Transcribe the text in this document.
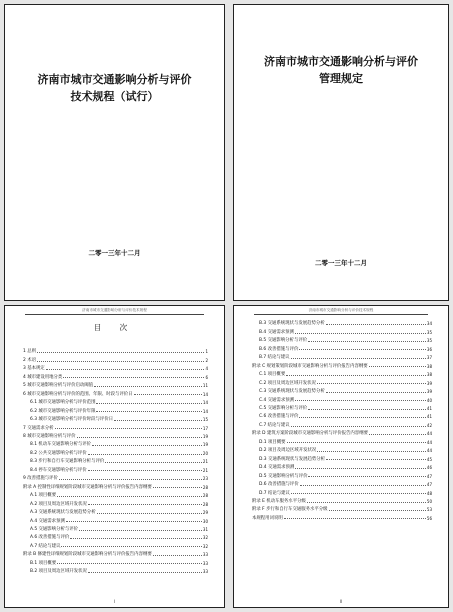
济南市城市交通影响分析与评价
技术规程（试行）
二零一三年十二月
济南市城市交通影响分析与评价
管理规定
二零一三年十二月
济南市城市交通影响分析与评价技术规程
目 次
1 总则	1
2 术语	2
3 基本规定	4
4 城市建设用地分类	6
5 城市交通影响分析与评价启动阈值	11
6 城市交通影响分析与评价的范围、年限、时段与评价日	14
6.1 城市交通影响分析与评价范围	14
6.2 城市交通影响分析与评价年限	14
6.3 城市交通影响分析与评价时段与评价日	15
7 交通需求分析	17
8 城市交通影响分析与评价	19
8.1 机动车交通影响分析与评价	19
8.2 公共交通影响分析与评价	20
8.3 步行和自行车交通影响分析与评价	21
8.4 停车交通影响分析与评价	21
9 改善措施与评价	23
附录 A 控制性详细规划阶段城市交通影响分析与评价报告内容纲要	28
A.1 项目概要	28
A.2 项目及周边区域开发状况	28
A.3 交通系统现状与发展趋势分析	29
A.4 交通需求预测	30
A.5 交通影响分析与评价	31
A.6 改善措施与评价	32
A.7 结论与建议	32
附录 B 修建性详细规划阶段城市交通影响分析与评价报告内容纲要	33
B.1 项目概要	33
B.2 项目及周边区域开发状况	33
I
济南市城市交通影响分析与评价技术规程
B.3 交通系统现状与发展趋势分析	34
B.4 交通需求预测	35
B.5 交通影响分析与评价	35
B.6 改善措施与评价	36
B.7 结论与建议	37
附录 C 规划策划阶段城市交通影响分析与评价报告内容纲要	38
C.1 项目概要	38
C.2 项目及周边区域开发状况	39
C.3 交通系统现状与发展趋势分析	39
C.4 交通需求预测	40
C.5 交通影响分析与评价	41
C.6 改善措施与评价	41
C.7 结论与建议	42
附录 D 建筑方案阶段城市交通影响分析与评价报告内容纲要	44
D.1 项目概要	44
D.2 项目及周边区域开发状况	44
D.3 交通系统现状与发展趋势分析	45
D.4 交通需求预测	46
D.5 交通影响分析与评价	47
D.6 改善措施与评价	47
D.7 结论与建议	48
附录 E 机动车服务水平分级	50
附录 F 步行和自行车交通服务水平分级	53
本规程用词说明	56
II
